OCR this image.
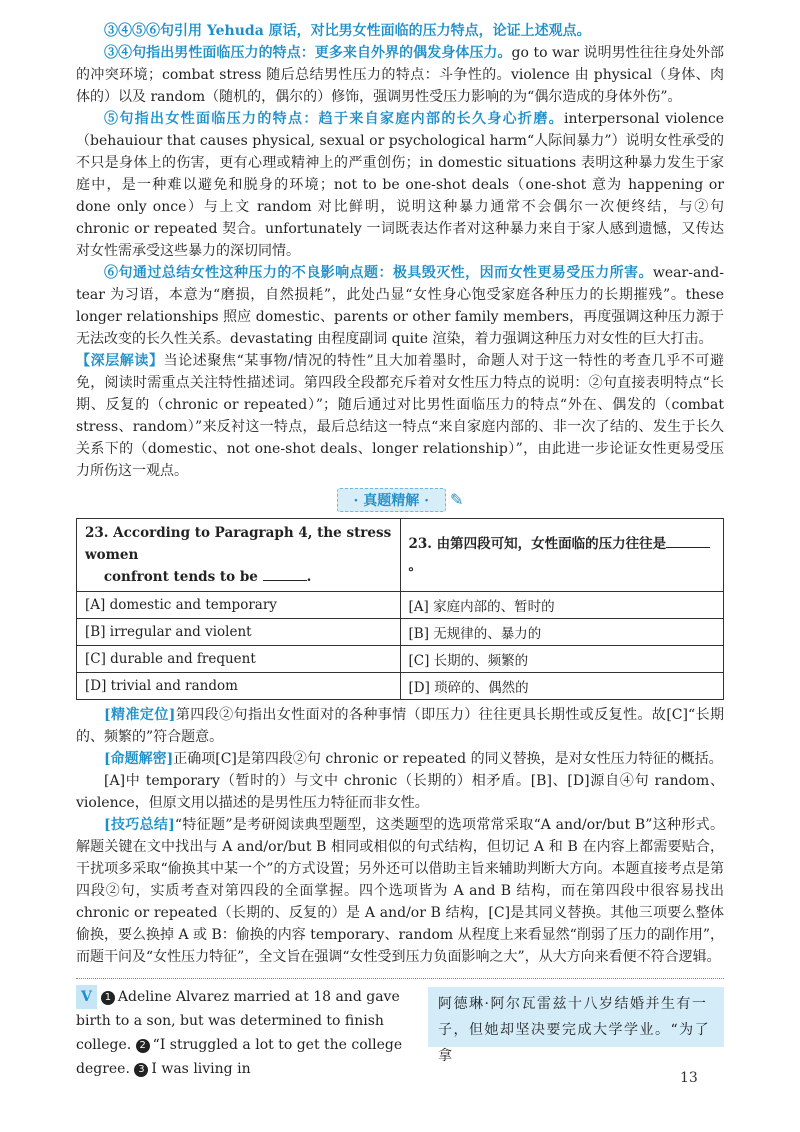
③④⑤⑥句引用 Yehuda 原话，对比男女性面临的压力特点，论证上述观点。

③④句指出男性面临压力的特点：更多来自外界的偶发身体压力。go to war 说明男性往往身处外部的冲突环境；combat stress 随后总结男性压力的特点：斗争性的。violence 由 physical（身体、肉体的）以及 random（随机的，偶尔的）修饰，强调男性受压力影响的为“偶尔造成的身体外伤”。

⑤句指出女性面临压力的特点：趋于来自家庭内部的长久身心折磨。interpersonal violence（behauiour that causes physical, sexual or psychological harm“人际间暴力”）说明女性承受的不只是身体上的伤害，更有心理或精神上的严重创伤；in domestic situations 表明这种暴力发生于家庭中，是一种难以避免和脱身的环境；not to be one-shot deals（one-shot 意为 happening or done only once）与上文 random 对比鲜明，说明这种暴力通常不会偶尔一次便终结，与②句 chronic or repeated 契合。unfortunately 一词既表达作者对这种暴力来自于家人感到遗憾，又传达对女性需承受这些暴力的深切同情。

⑥句通过总结女性这种压力的不良影响点题：极具毁灭性，因而女性更易受压力所害。wear-and-tear 为习语，本意为“磨损，自然损耗”，此处凸显“女性身心饱受家庭各种压力的长期摧残”。these longer relationships 照应 domestic、parents or other family members，再度强调这种压力源于无法改变的长久性关系。devastating 由程度副词 quite 渲染，着力强调这种压力对女性的巨大打击。

【深层解读】当论述聚焦“某事物/情况的特性”且大加着墨时，命题人对于这一特性的考查几乎不可避免，阅读时需重点关注特性描述词。第四段全段都充斥着对女性压力特点的说明：②句直接表明特点“长期、反复的（chronic or repeated）”；随后通过对比男性面临压力的特点“外在、偶发的（combat stress、random）”来反衬这一特点，最后总结这一特点“来自家庭内部的、非一次了结的、发生于长久关系下的（domestic、not one-shot deals、longer relationship）”，由此进一步论证女性更易受压力所伤这一观点。

· 真题精解 · ✎
23. According to Paragraph 4, the stress women
confront tends to be .	23. 由第四段可知，女性面临的压力往往是。
[A] domestic and temporary	[A] 家庭内部的、暂时的
[B] irregular and violent	[B] 无规律的、暴力的
[C] durable and frequent	[C] 长期的、频繁的
[D] trivial and random	[D] 琐碎的、偶然的

[精准定位]第四段②句指出女性面对的各种事情（即压力）往往更具长期性或反复性。故[C]“长期的、频繁的”符合题意。

[命题解密]正确项[C]是第四段②句 chronic or repeated 的同义替换，是对女性压力特征的概括。

[A]中 temporary（暂时的）与文中 chronic（长期的）相矛盾。[B]、[D]源自④句 random、violence，但原文用以描述的是男性压力特征而非女性。

[技巧总结]“特征题”是考研阅读典型题型，这类题型的选项常常采取“A and/or/but B”这种形式。解题关键在文中找出与 A and/or/but B 相同或相似的句式结构，但切记 A 和 B 在内容上都需要贴合，干扰项多采取“偷换其中某一个”的方式设置；另外还可以借助主旨来辅助判断大方向。本题直接考点是第四段②句，实质考查对第四段的全面掌握。四个选项皆为 A and B 结构，而在第四段中很容易找出 chronic or repeated（长期的、反复的）是 A and/or B 结构，[C]是其同义替换。其他三项要么整体偷换，要么换掉 A 或 B：偷换的内容 temporary、random 从程度上来看显然“削弱了压力的副作用”，而题干问及“女性压力特征”，全文旨在强调“女性受到压力负面影响之大”，从大方向来看便不符合逻辑。

V 1 Adeline Alvarez married at 18 and gave birth to a son, but was determined to finish college. 2 “I struggled a lot to get the college degree. 3 I was living in
阿德琳·阿尔瓦雷兹十八岁结婚并生有一子，但她却坚决要完成大学学业。“为了拿
13
